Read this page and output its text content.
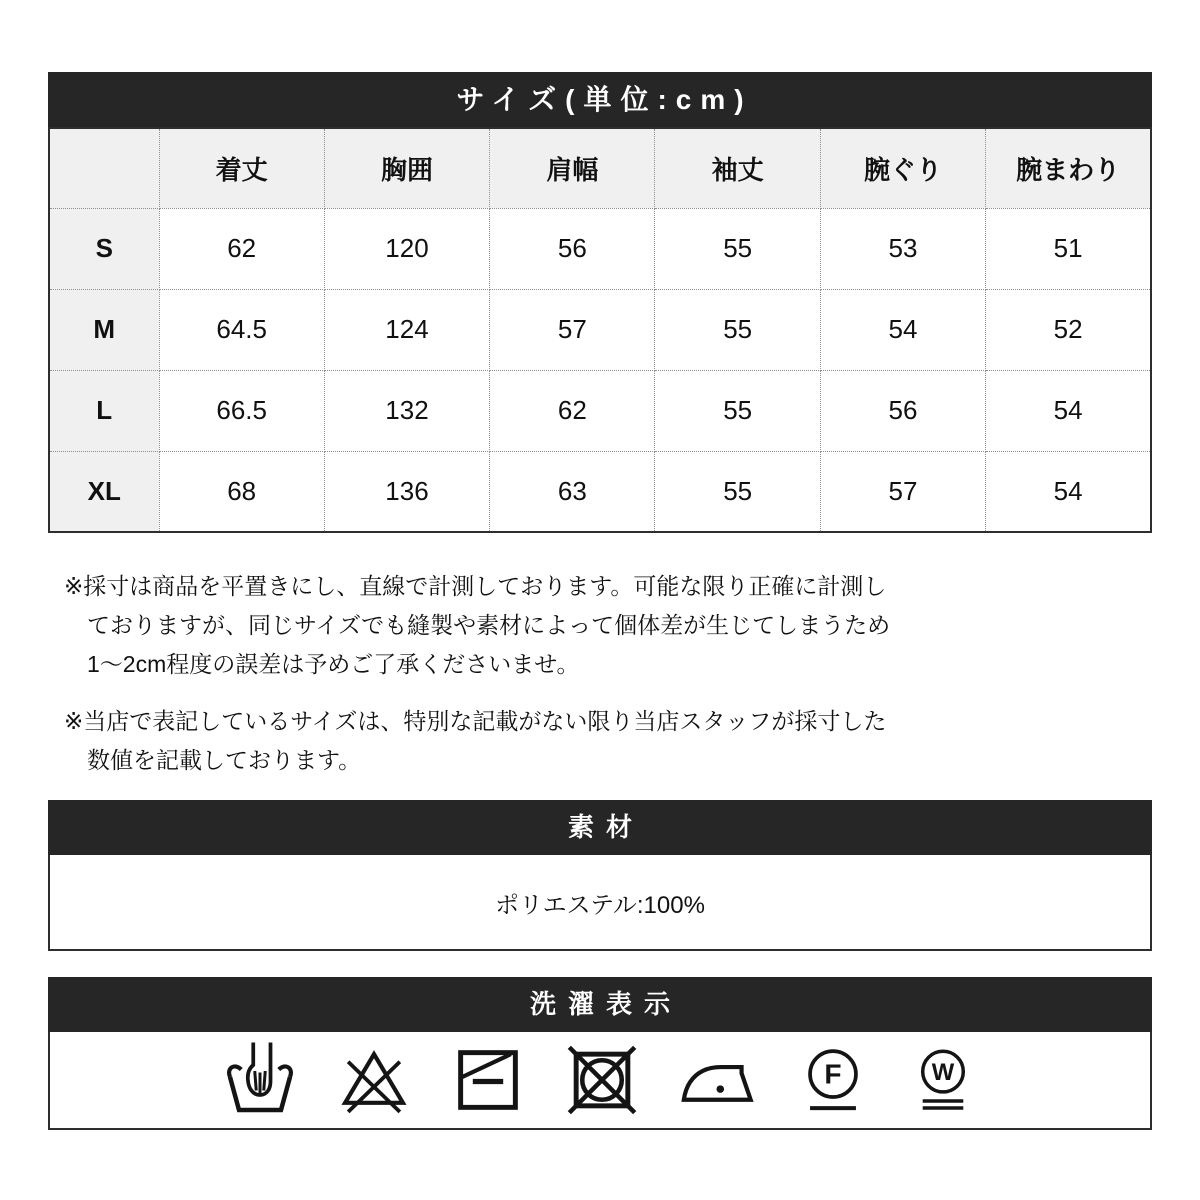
サイズ(単位:cm)
	着丈	胸囲	肩幅	袖丈	腕ぐり	腕まわり
S	62	120	56	55	53	51
M	64.5	124	57	55	54	52
L	66.5	132	62	55	56	54
XL	68	136	63	55	57	54
※採寸は商品を平置きにし、直線で計測しております。可能な限り正確に計測し
ておりますが、同じサイズでも縫製や素材によって個体差が生じてしまうため
1〜2cm程度の誤差は予めご了承くださいませ。
※当店で表記しているサイズは、特別な記載がない限り当店スタッフが採寸した
数値を記載しております。
素材
ポリエステル:100%
洗濯表示
F	W
